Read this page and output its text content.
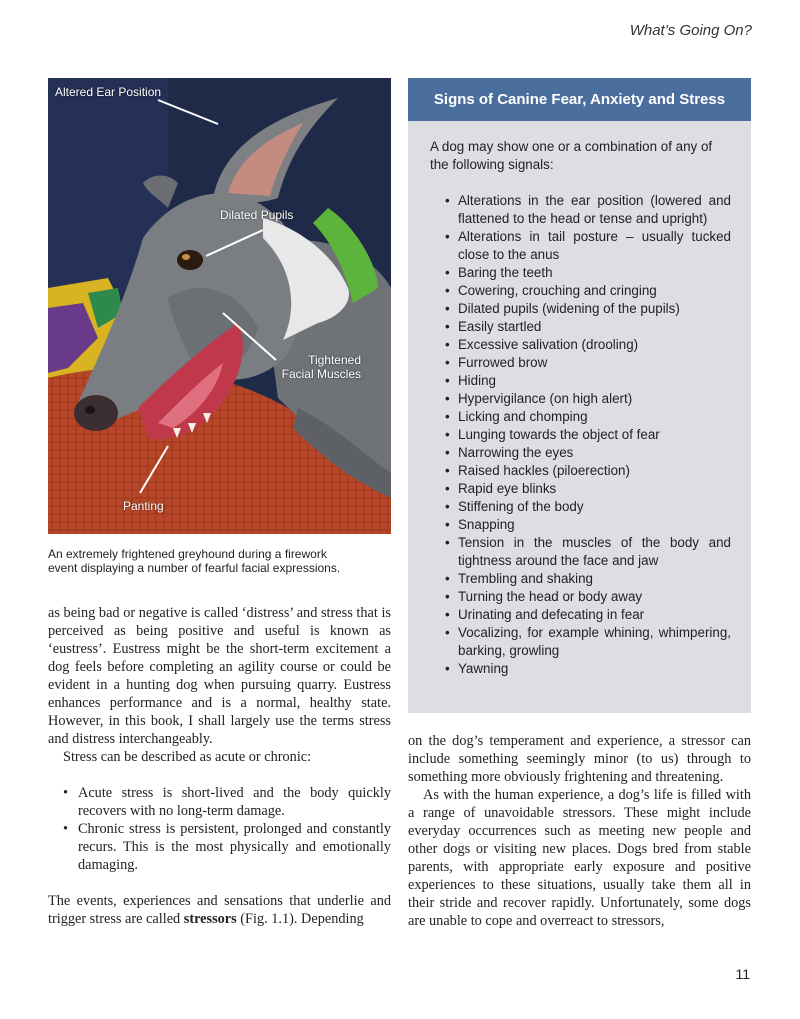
What’s Going On?
Altered Ear Position
Dilated Pupils
Tightened
Facial Muscles
Panting
An extremely frightened greyhound during a firework
event displaying a number of fearful facial expressions.
Signs of Canine Fear, Anxiety and Stress

A dog may show one or a combination of any of the following signals:

• Alterations in the ear position (lowered and flattened to the head or tense and upright)
• Alterations in tail posture – usually tucked close to the anus
• Baring the teeth
• Cowering, crouching and cringing
• Dilated pupils (widening of the pupils)
• Easily startled
• Excessive salivation (drooling)
• Furrowed brow
• Hiding
• Hypervigilance (on high alert)
• Licking and chomping
• Lunging towards the object of fear
• Narrowing the eyes
• Raised hackles (piloerection)
• Rapid eye blinks
• Stiffening of the body
• Snapping
• Tension in the muscles of the body and tightness around the face and jaw
• Trembling and shaking
• Turning the head or body away
• Urinating and defecating in fear
• Vocalizing, for example whining, whimpering, barking, growling
• Yawning

as being bad or negative is called ‘distress’ and stress that is perceived as being positive and useful is known as ‘eustress’. Eustress might be the short-term excitement a dog feels before completing an agility course or could be evident in a hunting dog when pursuing quarry. Eustress enhances performance and is a normal, healthy state. However, in this book, I shall largely use the terms stress and distress interchangeably.

Stress can be described as acute or chronic:

• Acute stress is short-lived and the body quickly recovers with no long-term damage.
• Chronic stress is persistent, prolonged and constantly recurs. This is the most physically and emotionally damaging.

The events, experiences and sensations that underlie and trigger stress are called stressors (Fig. 1.1). Depending

on the dog’s temperament and experience, a stressor can include something seemingly minor (to us) through to something more obviously frightening and threatening.

As with the human experience, a dog’s life is filled with a range of unavoidable stressors. These might include everyday occurrences such as meeting new people and other dogs or visiting new places. Dogs bred from stable parents, with appropriate early exposure and positive experiences to these situations, usually take them all in their stride and recover rapidly. Unfortunately, some dogs are unable to cope and overreact to stressors,

11
